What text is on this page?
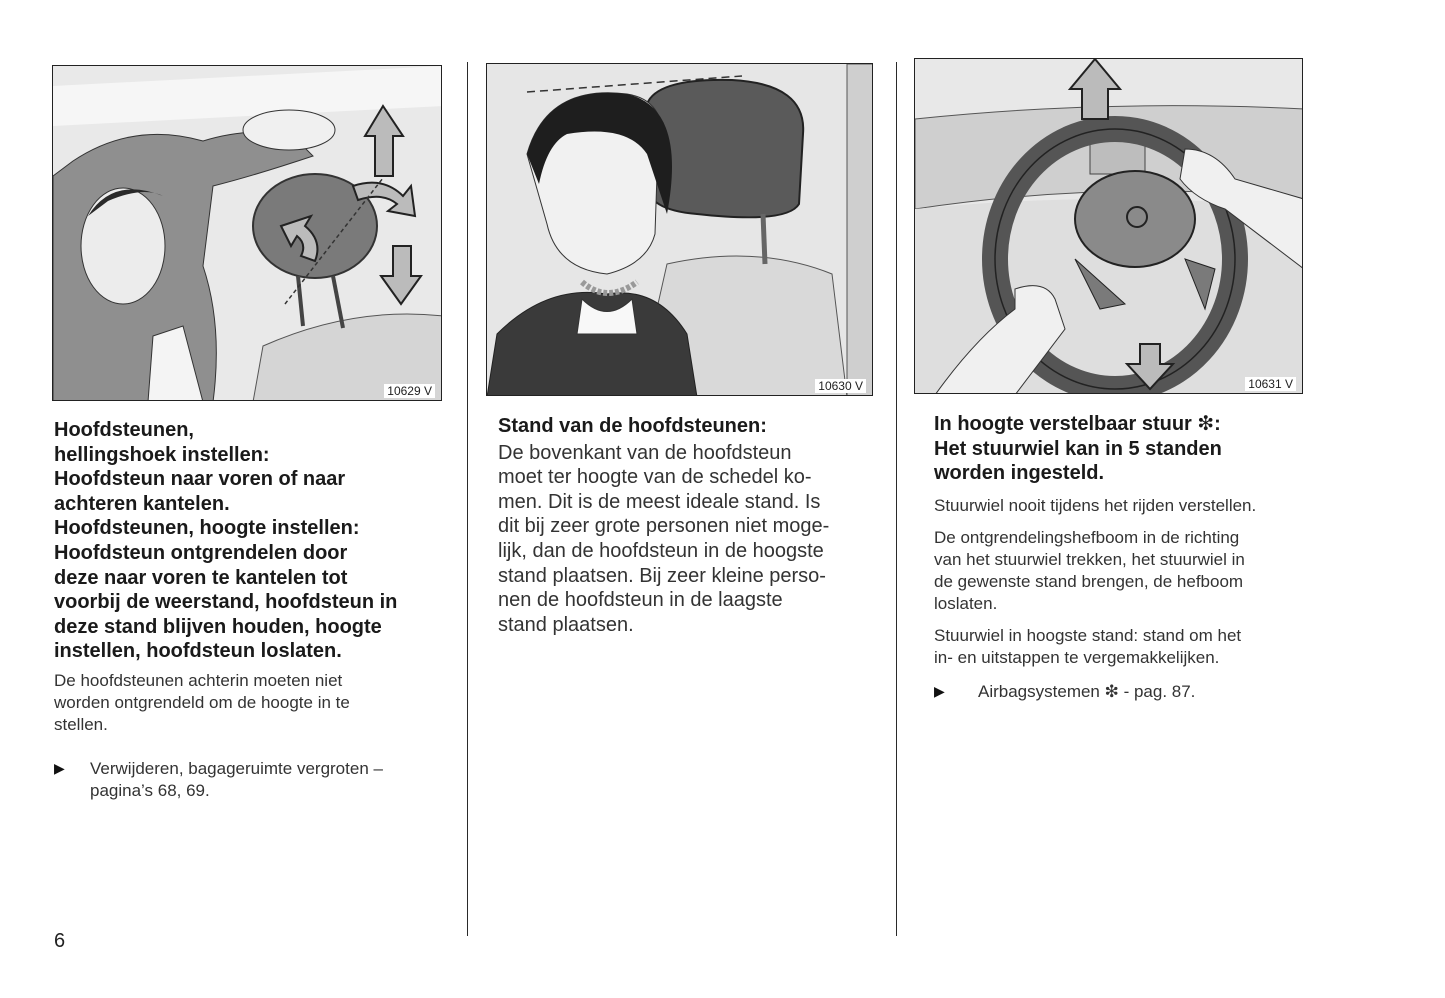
10629 V	10630 V	10631 V

Hoofdsteunen,

hellingshoek instellen:

Hoofdsteun naar voren of naar

achteren kantelen.

Hoofdsteunen, hoogte instellen:

Hoofdsteun ontgrendelen door

deze naar voren te kantelen tot

voorbij de weerstand, hoofdsteun in

deze stand blijven houden, hoogte

instellen, hoofdsteun loslaten.

De hoofdsteunen achterin moeten niet

worden ontgrendeld om de hoogte in te

stellen.

▶ Verwijderen, bagageruimte vergroten –

pagina’s 68, 69.

Stand van de hoofdsteunen:

De bovenkant van de hoofdsteun

moet ter hoogte van de schedel ko-

men. Dit is de meest ideale stand. Is

dit bij zeer grote personen niet moge-

lijk, dan de hoofdsteun in de hoogste

stand plaatsen. Bij zeer kleine perso-

nen de hoofdsteun in de laagste

stand plaatsen.

In hoogte verstelbaar stuur ❇:

Het stuurwiel kan in 5 standen

worden ingesteld.

Stuurwiel nooit tijdens het rijden verstellen.

De ontgrendelingshefboom in de richting

van het stuurwiel trekken, het stuurwiel in

de gewenste stand brengen, de hefboom

loslaten.

Stuurwiel in hoogste stand: stand om het

in- en uitstappen te vergemakkelijken.

▶ Airbagsystemen ❇ - pag. 87.

6
